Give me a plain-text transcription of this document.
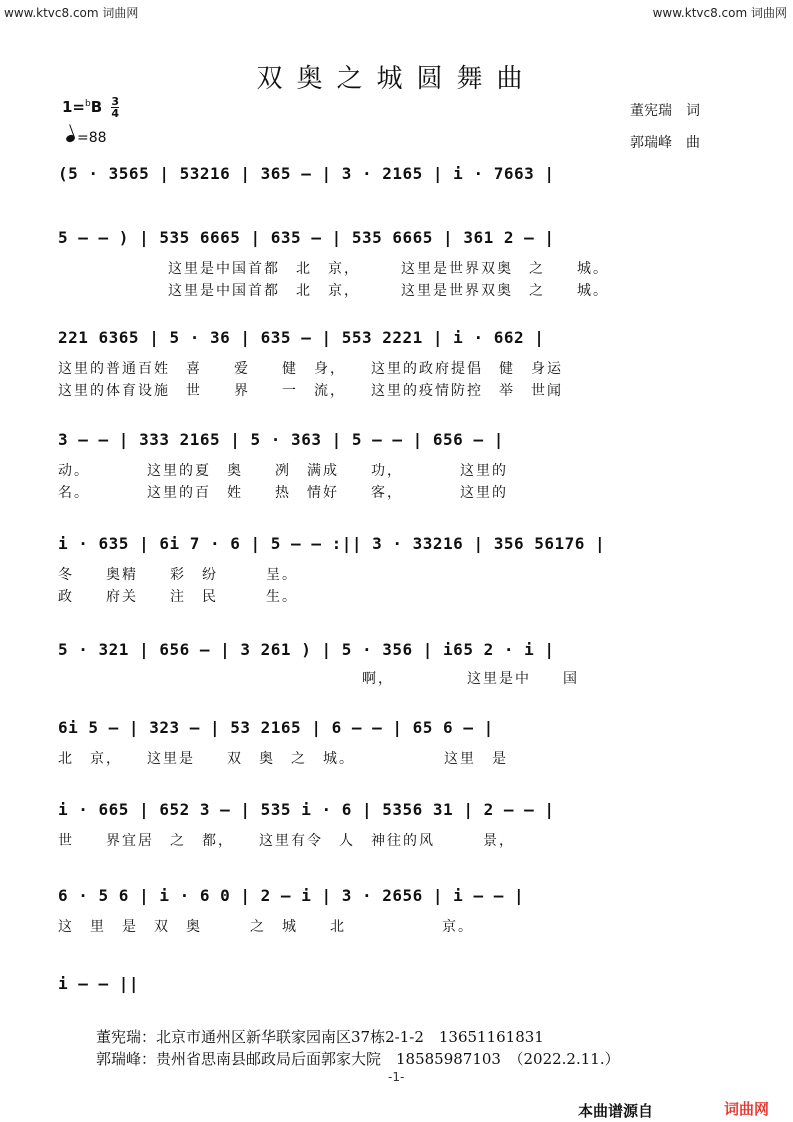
www.ktvc8.com 词曲网	www.ktvc8.com 词曲网
双奥之城圆舞曲
$1=^bB \frac{3}{4}$
=88
董宪瑞　词
郭瑞峰　曲
(5 · 3565 | 53216 | 365 – | 3 · 2165 | i · 7663 |
5 – – ) | 535 6665 | 635 – | 535 6665 | 361 2 – |
这里是中国首都　北　京，　　　这里是世界双奥　之　　城。
这里是中国首都　北　京，　　　这里是世界双奥　之　　城。
221 6365 | 5 · 36 | 635 – | 553 2221 | i · 662 |
这里的普通百姓　喜　　爱　　健　身，　　这里的政府提倡　健　身运
这里的体育设施　世　　界　　一　流，　　这里的疫情防控　举　世闻
3 – – | 333 2165 | 5 · 363 | 5 – – | 656 – |
动。　　　　这里的夏　奥　　冽　满成　　功，　　　　这里的
名。　　　　这里的百　姓　　热　情好　　客，　　　　这里的
i · 635 | 6i 7 · 6 | 5 – – :|| 3 · 33216 | 356 56176 |
冬　　奥精　　彩　纷　　　呈。
政　　府关　　注　民　　　生。
5 · 321 | 656 – | 3 261 ) | 5 · 356 | i65 2 · i |
　　　　　　　　　　　　　　　　　　　啊，　　　　　这里是中　　国
6i 5 – | 323 – | 53 2165 | 6 – – | 65 6 – |
北　京，　　这里是　　双　奥　之　城。　　　　　　这里　是
i · 665 | 652 3 – | 535 i · 6 | 5356 31 | 2 – – |
世　　界宜居　之　都，　　这里有令　人　神往的风　　　景，
6 · 5 6 | i · 6 0 | 2 – i | 3 · 2656 | i – – |
这　里　是　双　奥　　　之　城　　北　　　　　　京。
i – – ||
董宪瑞：北京市通州区新华联家园南区37栋2-1-2　13651161831
郭瑞峰：贵州省思南县邮政局后面郭家大院　18585987103　（2022.2.11.）
-1-
本曲谱源自	词曲网
